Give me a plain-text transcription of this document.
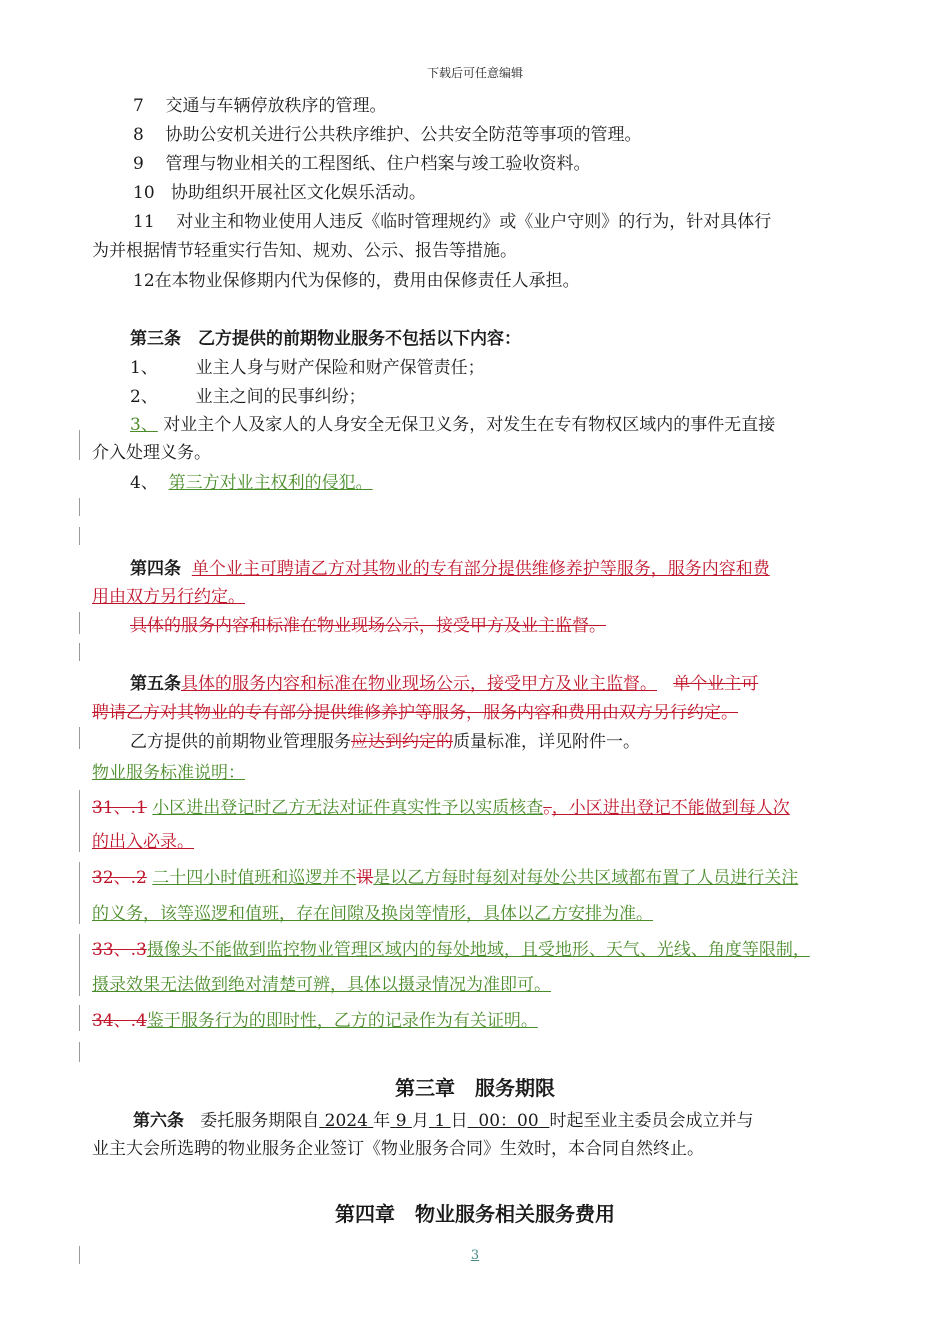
下载后可任意编辑
7 交通与车辆停放秩序的管理。
8 协助公安机关进行公共秩序维护、公共安全防范等事项的管理。
9 管理与物业相关的工程图纸、住户档案与竣工验收资料。
10 协助组织开展社区文化娱乐活动。
11 对业主和物业使用人违反《临时管理规约》或《业户守则》的行为，针对具体行
为并根据情节轻重实行告知、规劝、公示、报告等措施。
12在本物业保修期内代为保修的，费用由保修责任人承担。
第三条　乙方提供的前期物业服务不包括以下内容：
1、 业主人身与财产保险和财产保管责任；
2、 业主之间的民事纠纷；
3、 对业主个人及家人的人身安全无保卫义务，对发生在专有物权区域内的事件无直接
介入处理义务。
4、 第三方对业主权利的侵犯。
第四条 单个业主可聘请乙方对其物业的专有部分提供维修养护等服务，服务内容和费
用由双方另行约定。
具体的服务内容和标准在物业现场公示，接受甲方及业主监督。
第五条具体的服务内容和标准在物业现场公示，接受甲方及业主监督。 单个业主可
聘请乙方对其物业的专有部分提供维修养护等服务，服务内容和费用由双方另行约定。
乙方提供的前期物业管理服务应达到约定的质量标准，详见附件一。
物业服务标准说明：
31、.1 小区进出登记时乙方无法对证件真实性予以实质核查。，小区进出登记不能做到每人次
的出入必录。
32、.2 二十四小时值班和巡逻并不课是以乙方每时每刻对每处公共区域都布置了人员进行关注
的义务，该等巡逻和值班，存在间隙及换岗等情形，具体以乙方安排为准。
33、.3摄像头不能做到监控物业管理区域内的每处地域，且受地形、天气、光线、角度等限制，
摄录效果无法做到绝对清楚可辨，具体以摄录情况为准即可。
34、.4鉴于服务行为的即时性，乙方的记录作为有关证明。
第三章　服务期限
第六条 委托服务期限自 2024 年 9 月 1 日 00：00 时起至业主委员会成立并与
业主大会所选聘的物业服务企业签订《物业服务合同》生效时，本合同自然终止。
第四章　物业服务相关服务费用
3
